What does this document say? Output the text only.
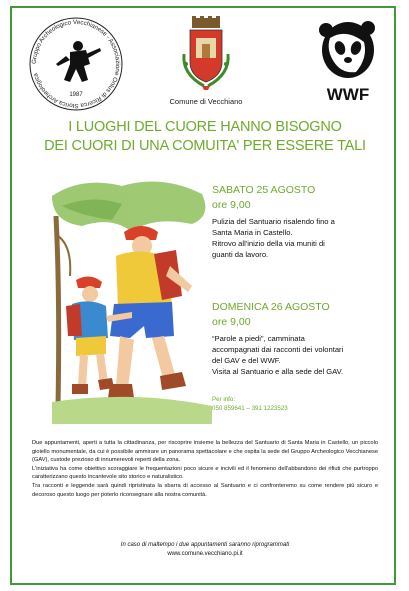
Gruppo Archeologico Vecchianese - Associazione Onlus di Ricerca Storica Archeologica
1987
Comune di Vecchiano	WWF
I LUOGHI DEL CUORE HANNO BISOGNO
DEI CUORI DI UNA COMUITA' PER ESSERE TALI

SABATO 25 AGOSTO

ore 9,00

Pulizia del Santuario risalendo fino a

Santa Maria in Castello.

Ritrovo all'inizio della via muniti di

guanti da lavoro.

DOMENICA 26 AGOSTO

ore 9,00

“Parole a piedi”, camminata

accompagnati dai racconti dei volontari

del GAV e del WWF.

Visita al Santuario e alla sede del GAV.

Per info:
050 859641 – 391 1223523

Due appuntamenti, aperti a tutta la cittadinanza, per riscoprire insieme la bellezza del Santuario di Santa Maria in Castello, un piccolo gioiello monumentale, da cui è possibile ammirare un panorama spettacolare e che ospita la sede del Gruppo Archeologico Vecchianese (GAV), custode prezioso di innumerevoli reperti della zona.

L'iniziativa ha come obiettivo scoraggiare le frequentazioni poco sicure e incivili ed il fenomeno dell'abbandono dei rifiuti che purtroppo caratterizzano questo incantevole sito storico e naturalistico.

Tra racconti e leggende sarà quindi ripristinata la sbarra di accesso al Santuario e ci confronteremo su come rendere più sicuro e decoroso questo luogo per poterlo riconsegnare alla nostra comunità.

In caso di maltempo i due appuntamenti saranno riprogrammati
www.comune.vecchiano.pi.it
